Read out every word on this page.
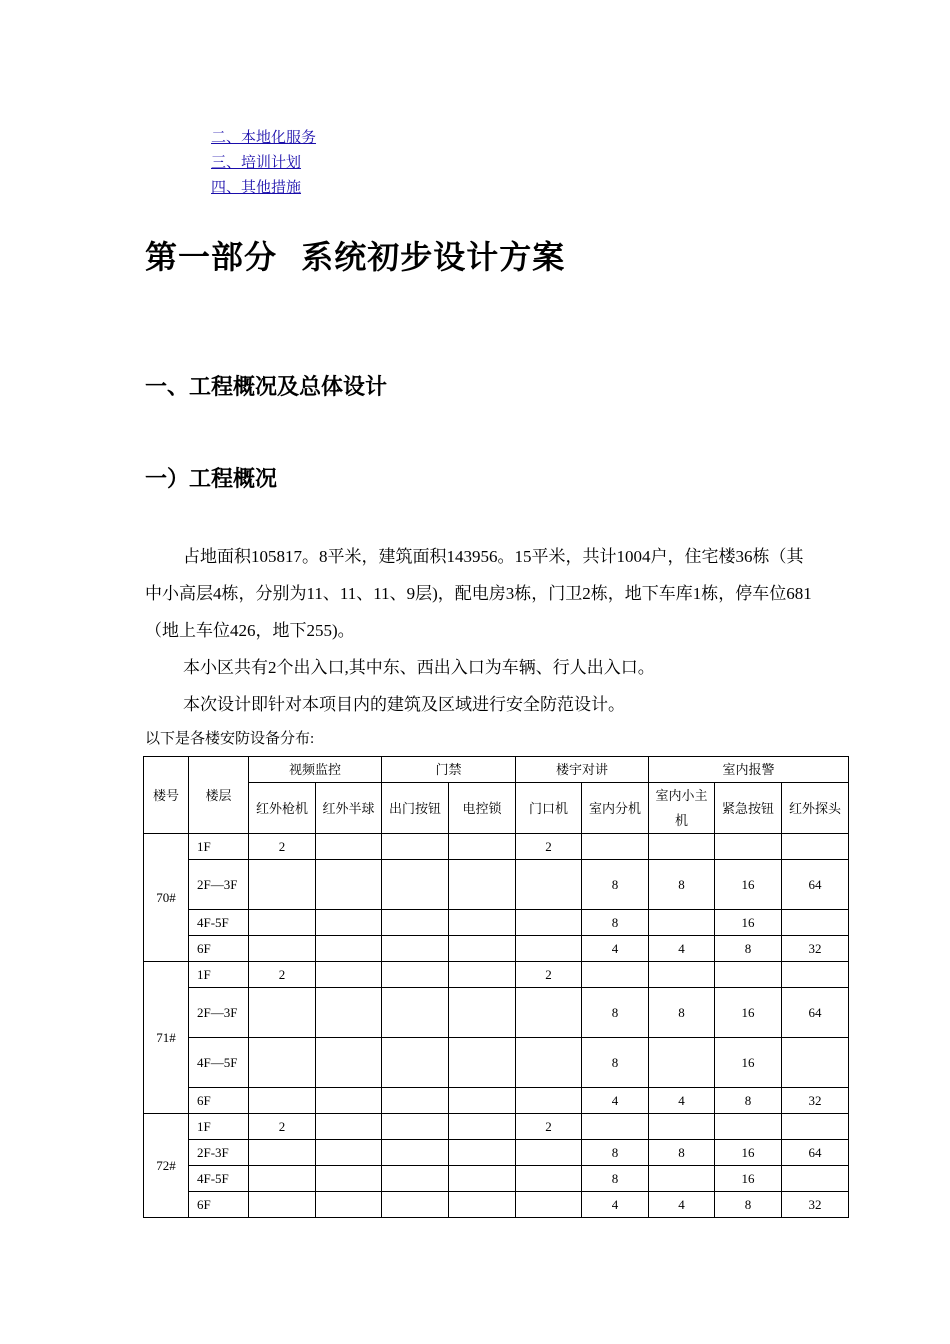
二、本地化服务
三、培训计划
四、其他措施
第一部分  系统初步设计方案
一、工程概况及总体设计
一）工程概况

占地面积105817。8平米，建筑面积143956。15平米，共计1004户，住宅楼36栋（其中小高层4栋，分别为11、11、11、9层)，配电房3栋，门卫2栋，地下车库1栋，停车位681（地上车位426，地下255)。

本小区共有2个出入口,其中东、西出入口为车辆、行人出入口。

本次设计即针对本项目内的建筑及区域进行安全防范设计。

以下是各楼安防设备分布:
楼号	楼层	视频监控		门禁		楼宇对讲		室内报警		
		红外枪机	红外半球	出门按钮	电控锁	门口机	室内分机	室内小主机	紧急按钮	红外探头
70#	1F	2				2				
	2F—3F						8	8	16	64
	4F-5F						8		16	
	6F						4	4	8	32
71#	1F	2				2				
	2F—3F						8	8	16	64
	4F—5F						8		16	
	6F						4	4	8	32
72#	1F	2				2				
	2F-3F						8	8	16	64
	4F-5F						8		16	
	6F						4	4	8	32
